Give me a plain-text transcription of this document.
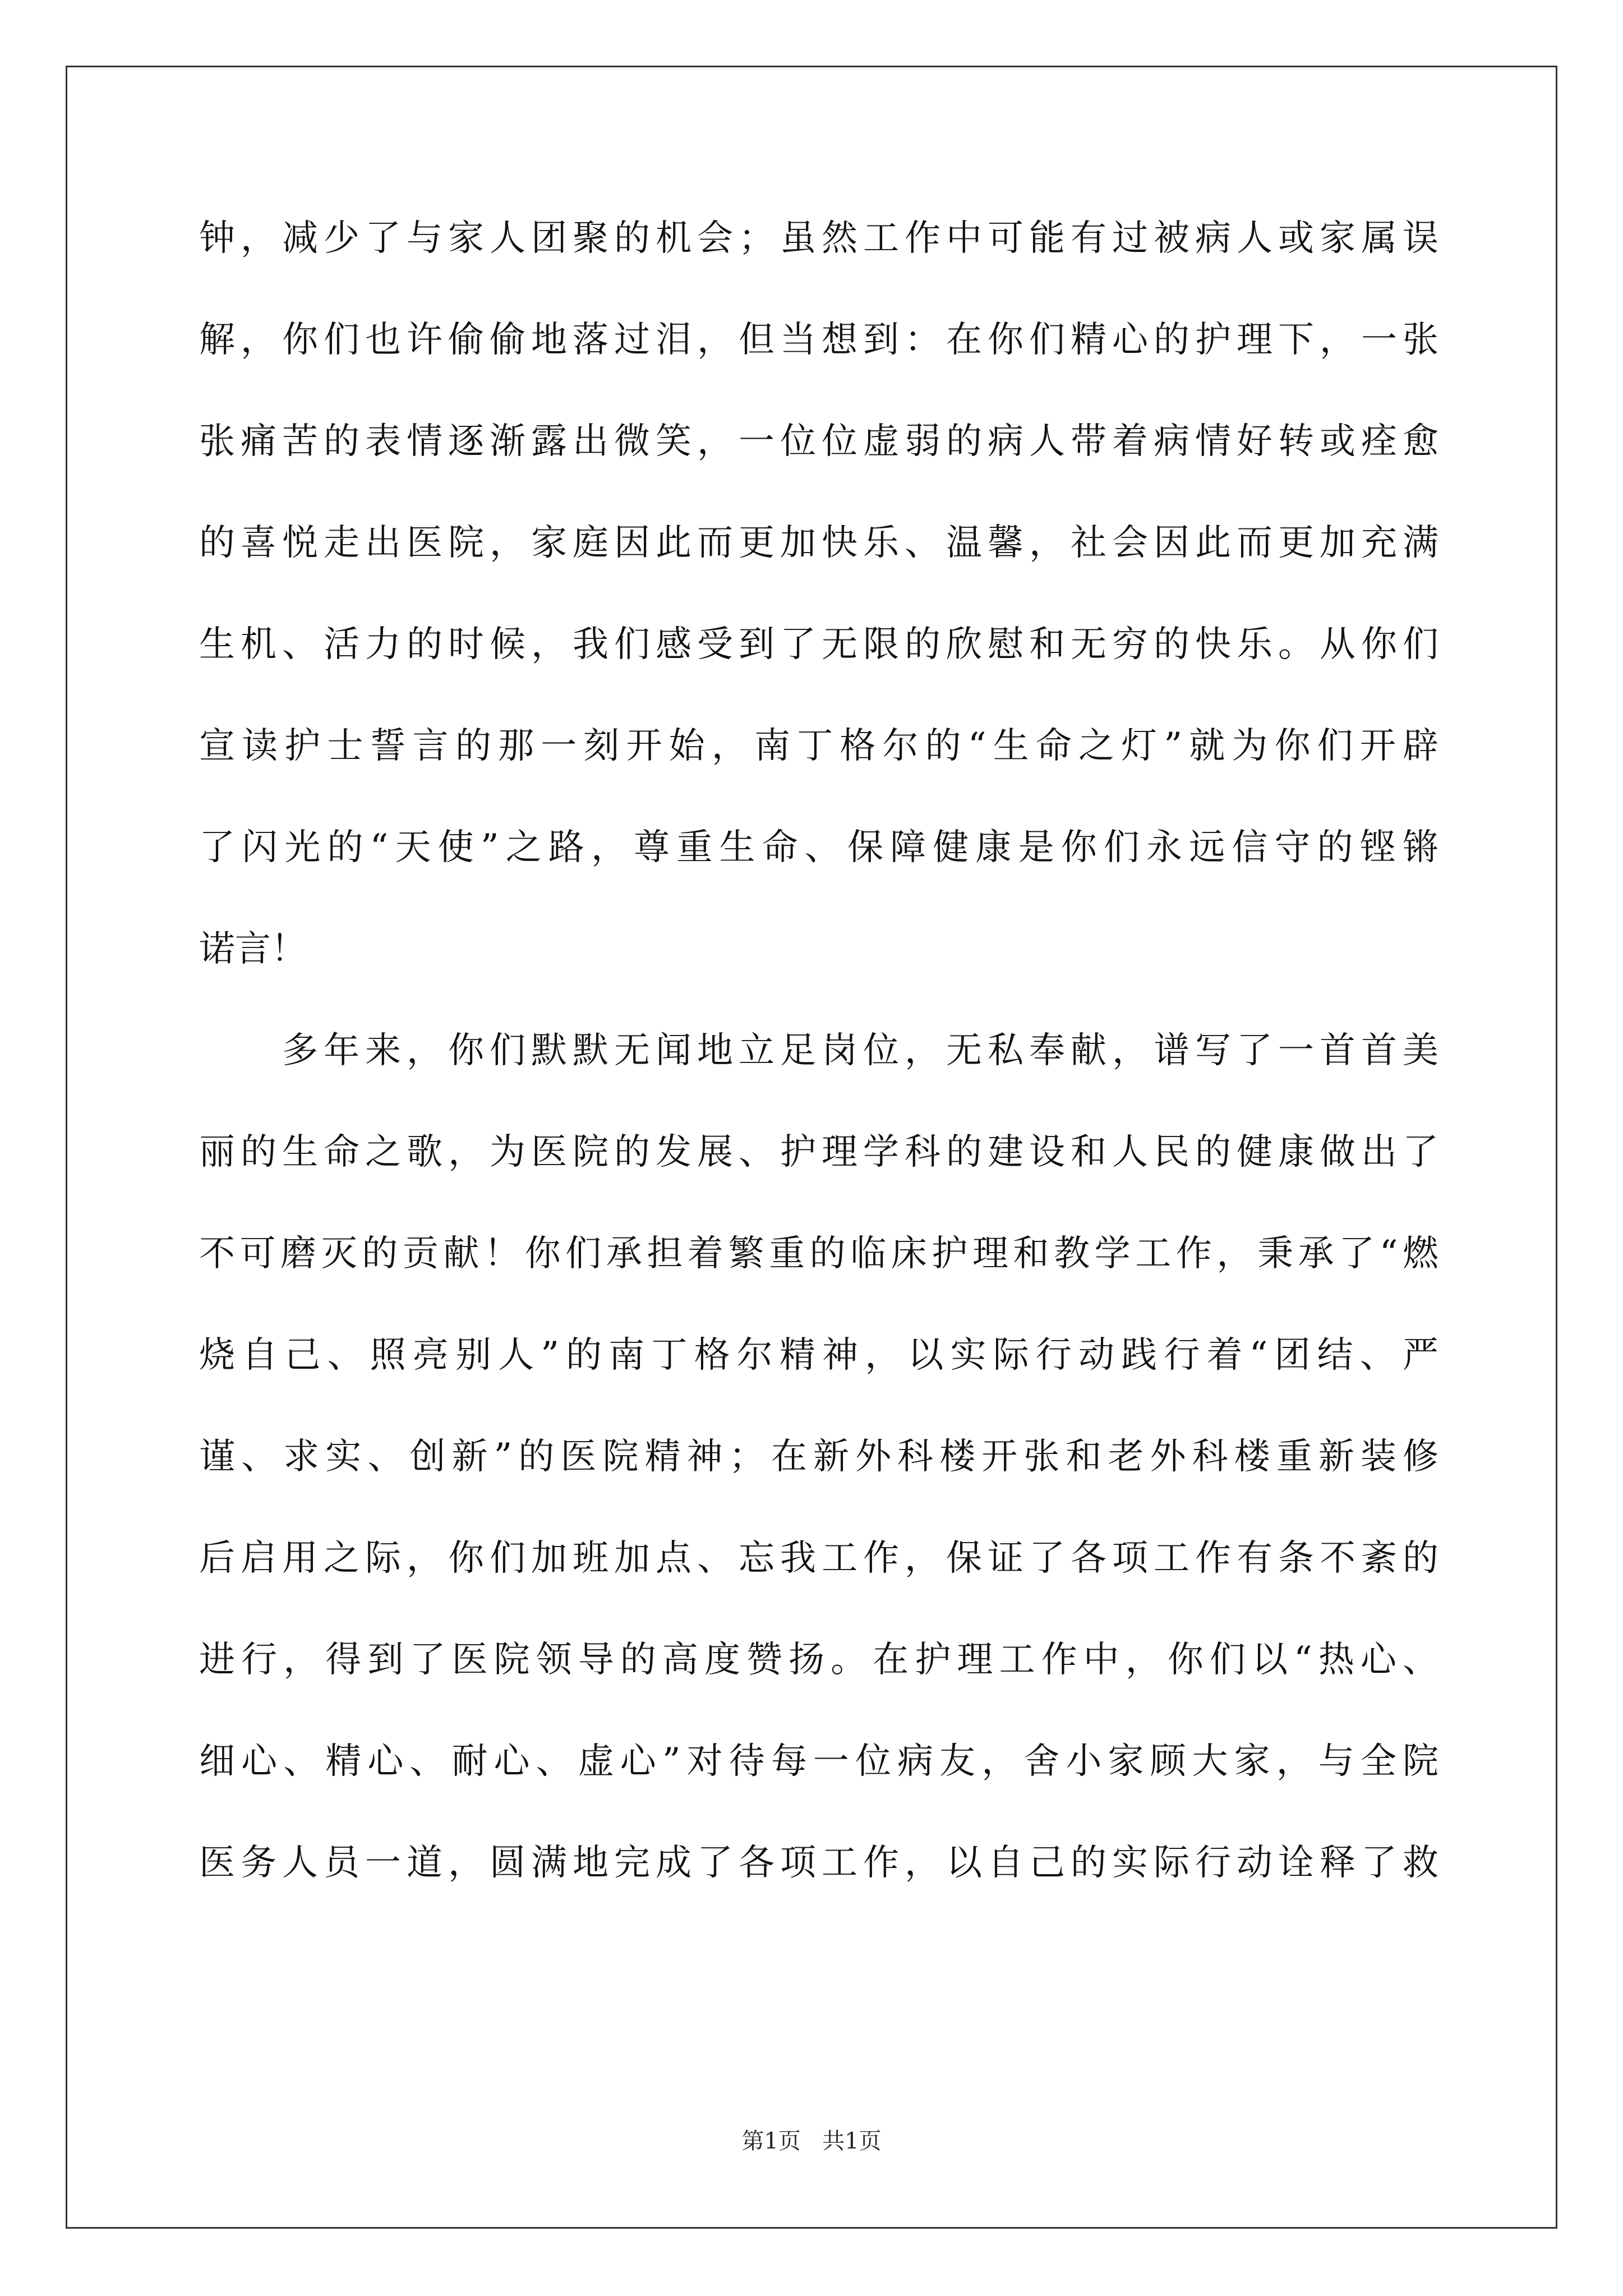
钟，减少了与家人团聚的机会；虽然工作中可能有过被病人或家属误
解，你们也许偷偷地落过泪，但当想到：在你们精心的护理下，一张
张痛苦的表情逐渐露出微笑，一位位虚弱的病人带着病情好转或痊愈
的喜悦走出医院，家庭因此而更加快乐、温馨，社会因此而更加充满
生机、活力的时候，我们感受到了无限的欣慰和无穷的快乐。从你们
宣读护士誓言的那一刻开始，南丁格尔的“生命之灯”就为你们开辟
了闪光的“天使”之路，尊重生命、保障健康是你们永远信守的铿锵
诺言！
多年来，你们默默无闻地立足岗位，无私奉献，谱写了一首首美
丽的生命之歌，为医院的发展、护理学科的建设和人民的健康做出了
不可磨灭的贡献！你们承担着繁重的临床护理和教学工作，秉承了“燃
烧自己、照亮别人”的南丁格尔精神，以实际行动践行着“团结、严
谨、求实、创新”的医院精神；在新外科楼开张和老外科楼重新装修
后启用之际，你们加班加点、忘我工作，保证了各项工作有条不紊的
进行，得到了医院领导的高度赞扬。在护理工作中，你们以“热心、
细心、精心、耐心、虚心”对待每一位病友，舍小家顾大家，与全院
医务人员一道，圆满地完成了各项工作，以自己的实际行动诠释了救
第1页 共1页
